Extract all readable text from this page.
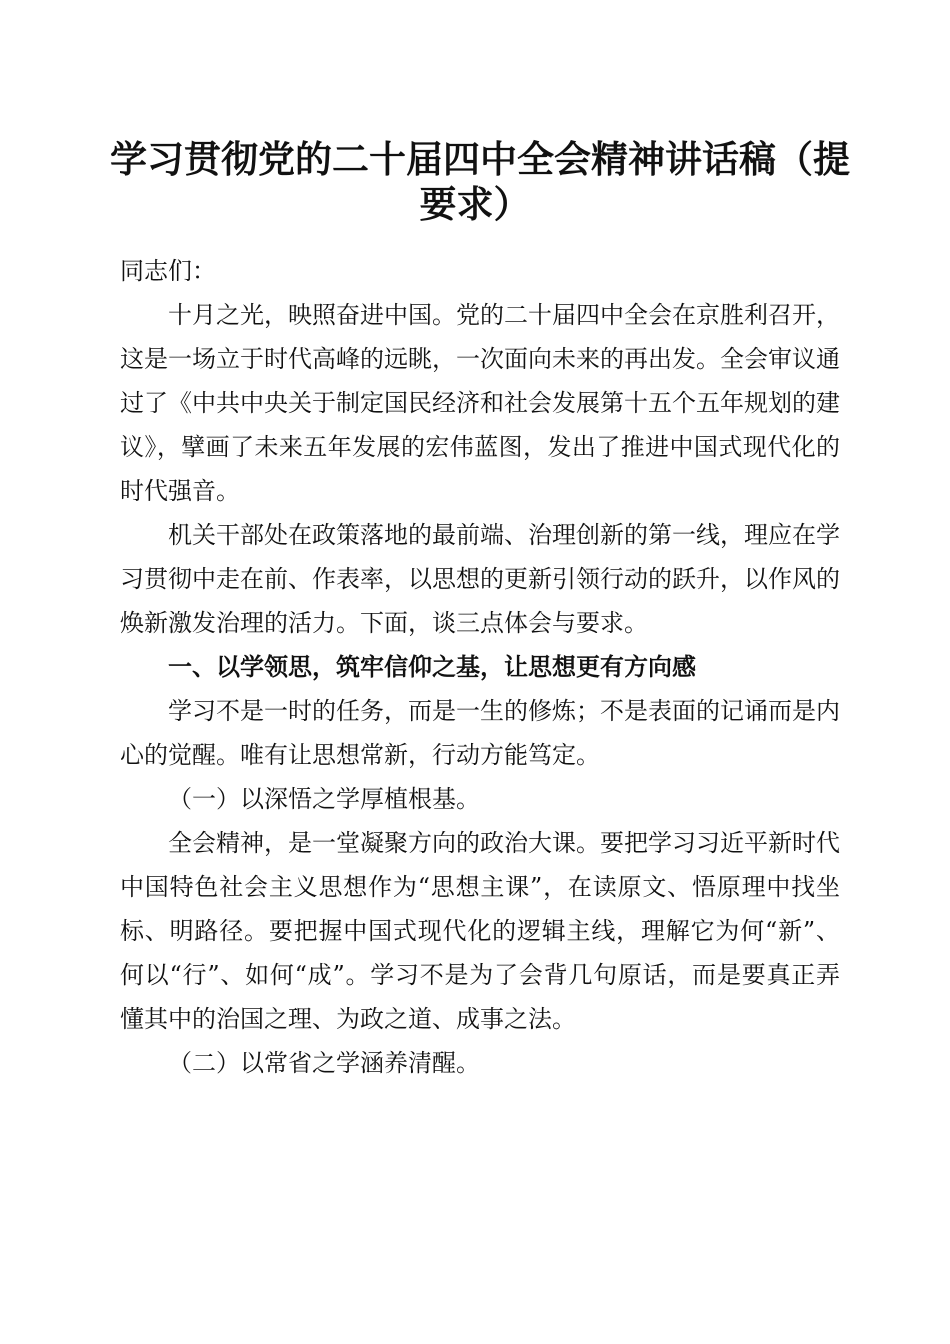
学习贯彻党的二十届四中全会精神讲话稿（提
要求）

同志们：

十月之光，映照奋进中国。党的二十届四中全会在京胜利召开，这是一场立于时代高峰的远眺，一次面向未来的再出发。全会审议通过了《中共中央关于制定国民经济和社会发展第十五个五年规划的建议》，擘画了未来五年发展的宏伟蓝图，发出了推进中国式现代化的时代强音。

机关干部处在政策落地的最前端、治理创新的第一线，理应在学习贯彻中走在前、作表率，以思想的更新引领行动的跃升，以作风的焕新激发治理的活力。下面，谈三点体会与要求。

一、以学领思，筑牢信仰之基，让思想更有方向感

学习不是一时的任务，而是一生的修炼；不是表面的记诵而是内心的觉醒。唯有让思想常新，行动方能笃定。

（一）以深悟之学厚植根基。

全会精神，是一堂凝聚方向的政治大课。要把学习习近平新时代中国特色社会主义思想作为“思想主课”，在读原文、悟原理中找坐标、明路径。要把握中国式现代化的逻辑主线，理解它为何“新”、何以“行”、如何“成”。学习不是为了会背几句原话，而是要真正弄懂其中的治国之理、为政之道、成事之法。

（二）以常省之学涵养清醒。
